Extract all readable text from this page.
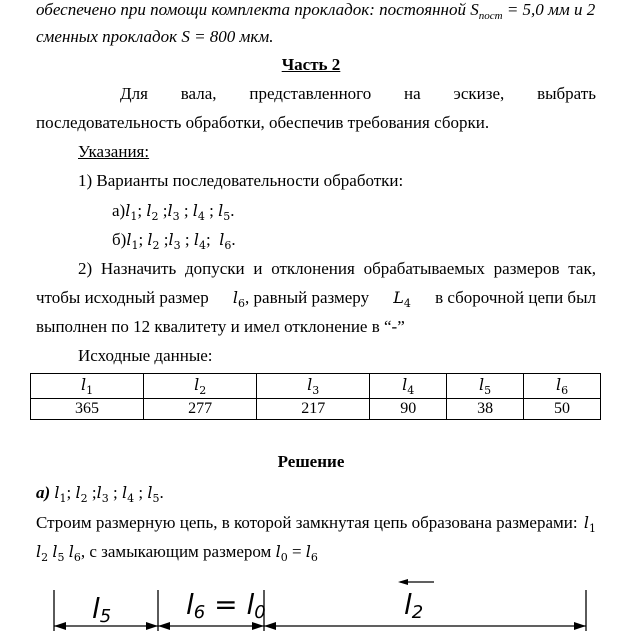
обеспечено при помощи комплекта прокладок: постоянной $S_{пост} = 5,0$ мм и 2
сменных прокладок S = 800 мкм.
Часть 2
Для вала, представленного на эскизе, выбрать
последовательность обработки, обеспечив требования сборки.
Указания:
1) Варианты последовательности обработки:
$а)l_1$; $l_2$ $;l_3$ ; $l_4$ ; $l_5$.
$б)l_1$; $l_2$ $;l_3$ ; $l_4$;  $l_6$.
2) Назначить допуски и отклонения обрабатываемых размеров так,
чтобы исходный размер $l_6$, равный размеру $L_4$ в сборочной цепи был
выполнен по 12 квалитету и имел отклонение в “-”
Исходные данные:
$l_1$	$l_2$	$l_3$	$l_4$	$l_5$	$l_6$
365	277	217	90	38	50
Решение
а) $l_1$; $l_2$ $;l_3$ ; $l_4$ ; $l_5$.
Строим размерную цепь, в которой замкнутая цепь образована размерами: $l_1$
$l_2$ $l_5$ $l_6$, с замыкающим размером $l_0 = l_6$
l5	l6 = l0	l2
